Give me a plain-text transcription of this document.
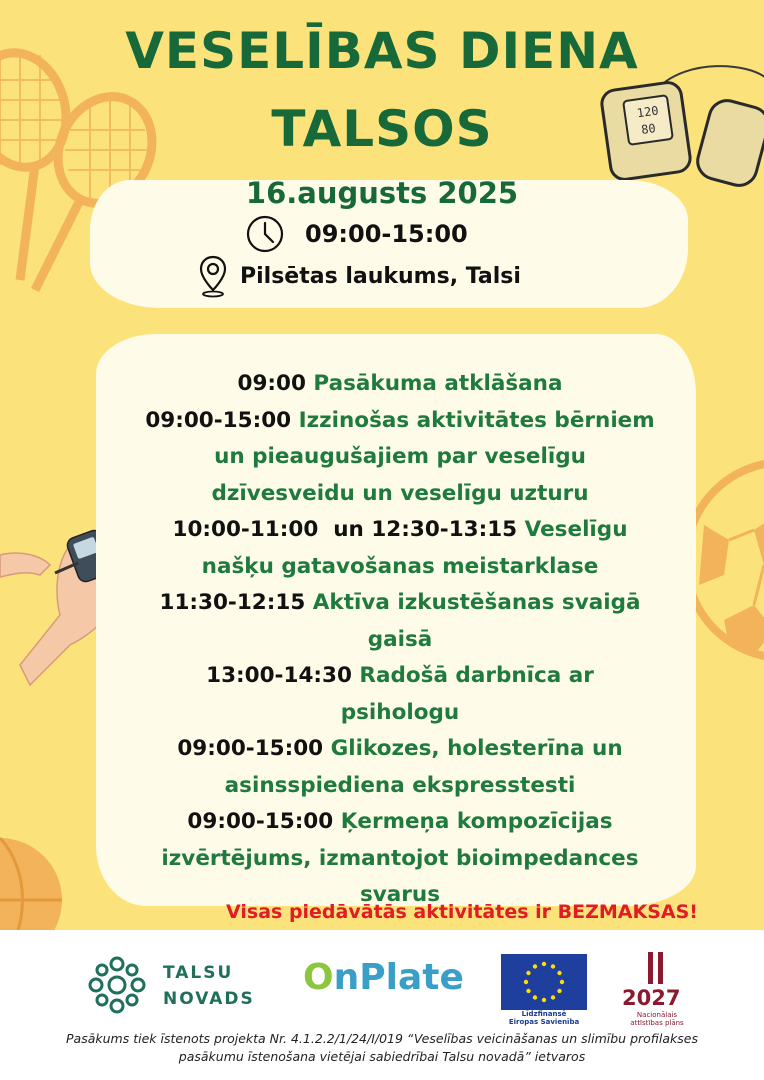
120
80
VESELĪBAS DIENA
TALSOS
16.augusts 2025
09:00-15:00
Pilsētas laukums, Talsi
09:00 Pasākuma atklāšana
09:00-15:00 Izzinošas aktivitātes bērniem
un pieaugušajiem par veselīgu
dzīvesveidu un veselīgu uzturu
10:00-11:00  un 12:30-13:15 Veselīgu
našķu gatavošanas meistarklase
11:30-12:15 Aktīva izkustēšanas svaigā
gaisā
13:00-14:30 Radošā darbnīca ar
psihologu
09:00-15:00 Glikozes, holesterīna un
asinsspiediena ekspresstesti
09:00-15:00 Ķermeņa kompozīcijas
izvērtējums, izmantojot bioimpedances
svarus
Visas piedāvātās aktivitātes ir BEZMAKSAS!
TALSU
NOVADS
OnPlate
Līdzfinansē
Eiropas Savienība
2027
Nacionālais
attīstības plāns
Pasākums tiek īstenots projekta Nr. 4.1.2.2/1/24/I/019 “Veselības veicināšanas un slimību profilakses
pasākumu īstenošana vietējai sabiedrībai Talsu novadā” ietvaros
